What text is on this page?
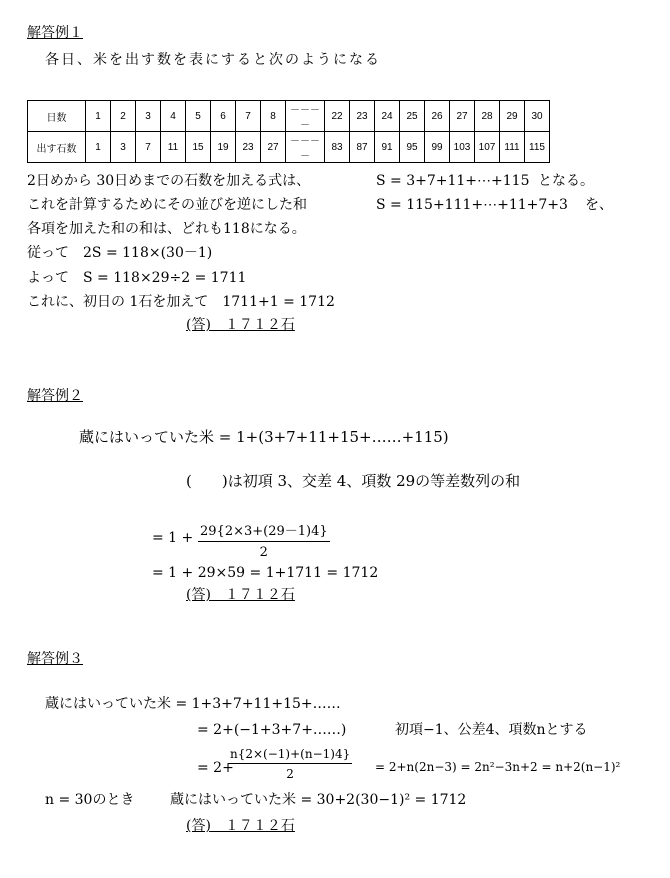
解答例１
各日、米を出す数を表にすると次のようになる
日数	1	2	3	4	5	6	7	8	－－－－	22	23	24	25	26	27	28	29	30
出す石数	1	3	7	11	15	19	23	27	－－－－	83	87	91	95	99	103	107	111	115
2日めから 30日めまでの石数を加える式は、	S = 3+7+11+⋯+115 となる。
これを計算するためにその並びを逆にした和	S = 115+111+⋯+11+7+3 を、
各項を加えた和の和は、どれも118になる。
従って　2S = 118×(30－1)
よって　S = 118×29÷2 = 1711
これに、初日の 1石を加えて　1711+1 = 1712
(答)　１７１２石
解答例２
蔵にはいっていた米 = 1+(3+7+11+15+……+115)
(　　)は初項 3、交差 4、項数 29の等差数列の和
= $1 + \frac{29\{2\times 3+(29-1)4\}}{2}$
= 1 + 29×59 = 1+1711 = 1712
(答)　１７１２石
解答例３
蔵にはいっていた米 = 1+3+7+11+15+……
= 2+(−1+3+7+……)	初項−1、公差4、項数nとする
= 2+
$\frac{n\{2\times(-1)+(n-1)4\}}{2} = 2+n(2n-3) = 2n^2-3n+2 = n+2(n-1)^2$
n = 30のとき	蔵にはいっていた米 = 30+2(30−1)² = 1712
(答)　１７１２石
